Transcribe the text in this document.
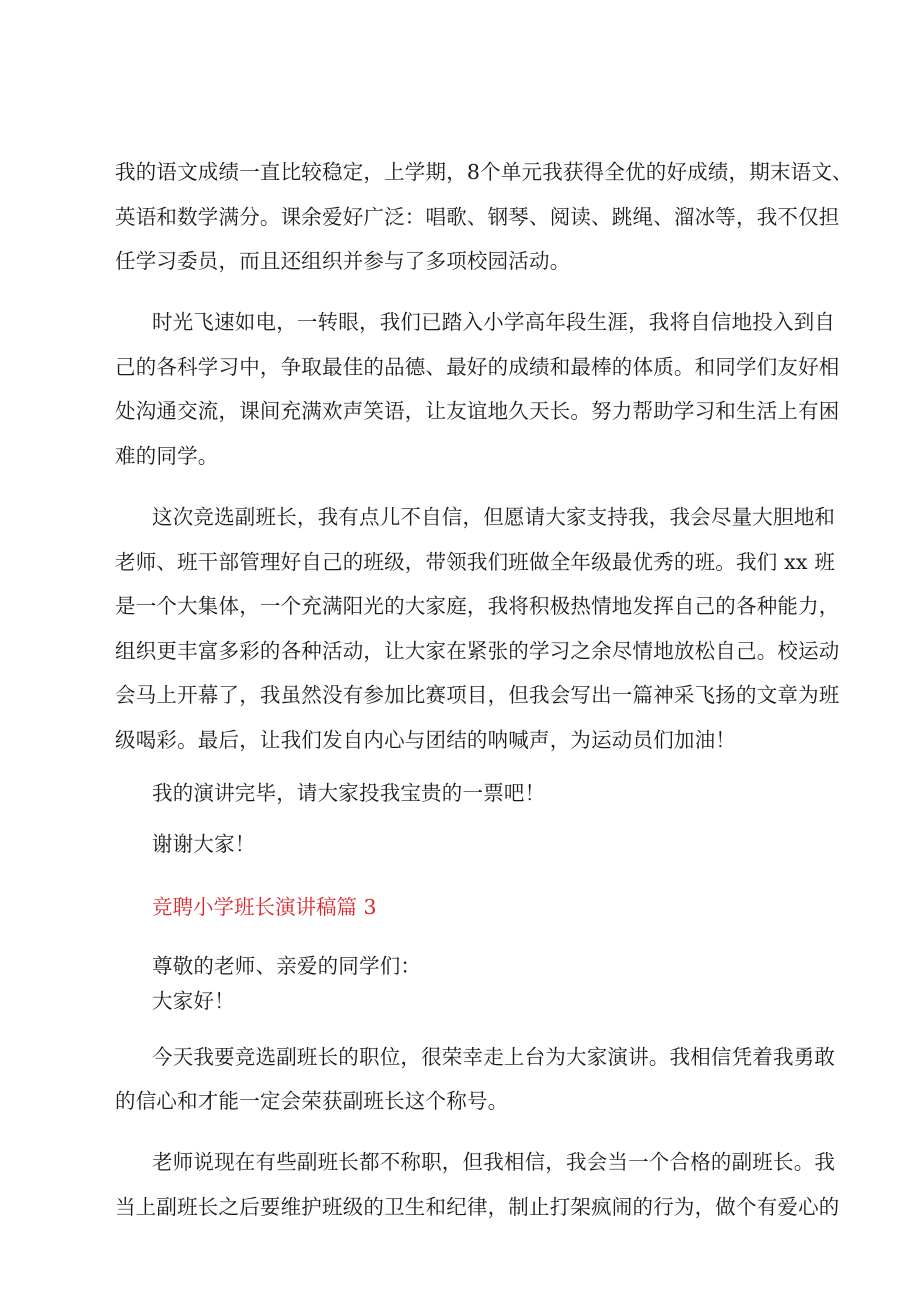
我的语文成绩一直比较稳定，上学期，8个单元我获得全优的好成绩，期末语文、
英语和数学满分。课余爱好广泛：唱歌、钢琴、阅读、跳绳、溜冰等，我不仅担
任学习委员，而且还组织并参与了多项校园活动。
时光飞速如电，一转眼，我们已踏入小学高年段生涯，我将自信地投入到自
己的各科学习中，争取最佳的品德、最好的成绩和最棒的体质。和同学们友好相
处沟通交流，课间充满欢声笑语，让友谊地久天长。努力帮助学习和生活上有困
难的同学。
这次竞选副班长，我有点儿不自信，但愿请大家支持我，我会尽量大胆地和
老师、班干部管理好自己的班级，带领我们班做全年级最优秀的班。我们 xx 班
是一个大集体，一个充满阳光的大家庭，我将积极热情地发挥自己的各种能力，
组织更丰富多彩的各种活动，让大家在紧张的学习之余尽情地放松自己。校运动
会马上开幕了，我虽然没有参加比赛项目，但我会写出一篇神采飞扬的文章为班
级喝彩。最后，让我们发自内心与团结的呐喊声，为运动员们加油！
我的演讲完毕，请大家投我宝贵的一票吧！
谢谢大家！
竞聘小学班长演讲稿篇 3
尊敬的老师、亲爱的同学们：
大家好！
今天我要竞选副班长的职位，很荣幸走上台为大家演讲。我相信凭着我勇敢
的信心和才能一定会荣获副班长这个称号。
老师说现在有些副班长都不称职，但我相信，我会当一个合格的副班长。我
当上副班长之后要维护班级的卫生和纪律，制止打架疯闹的行为，做个有爱心的
